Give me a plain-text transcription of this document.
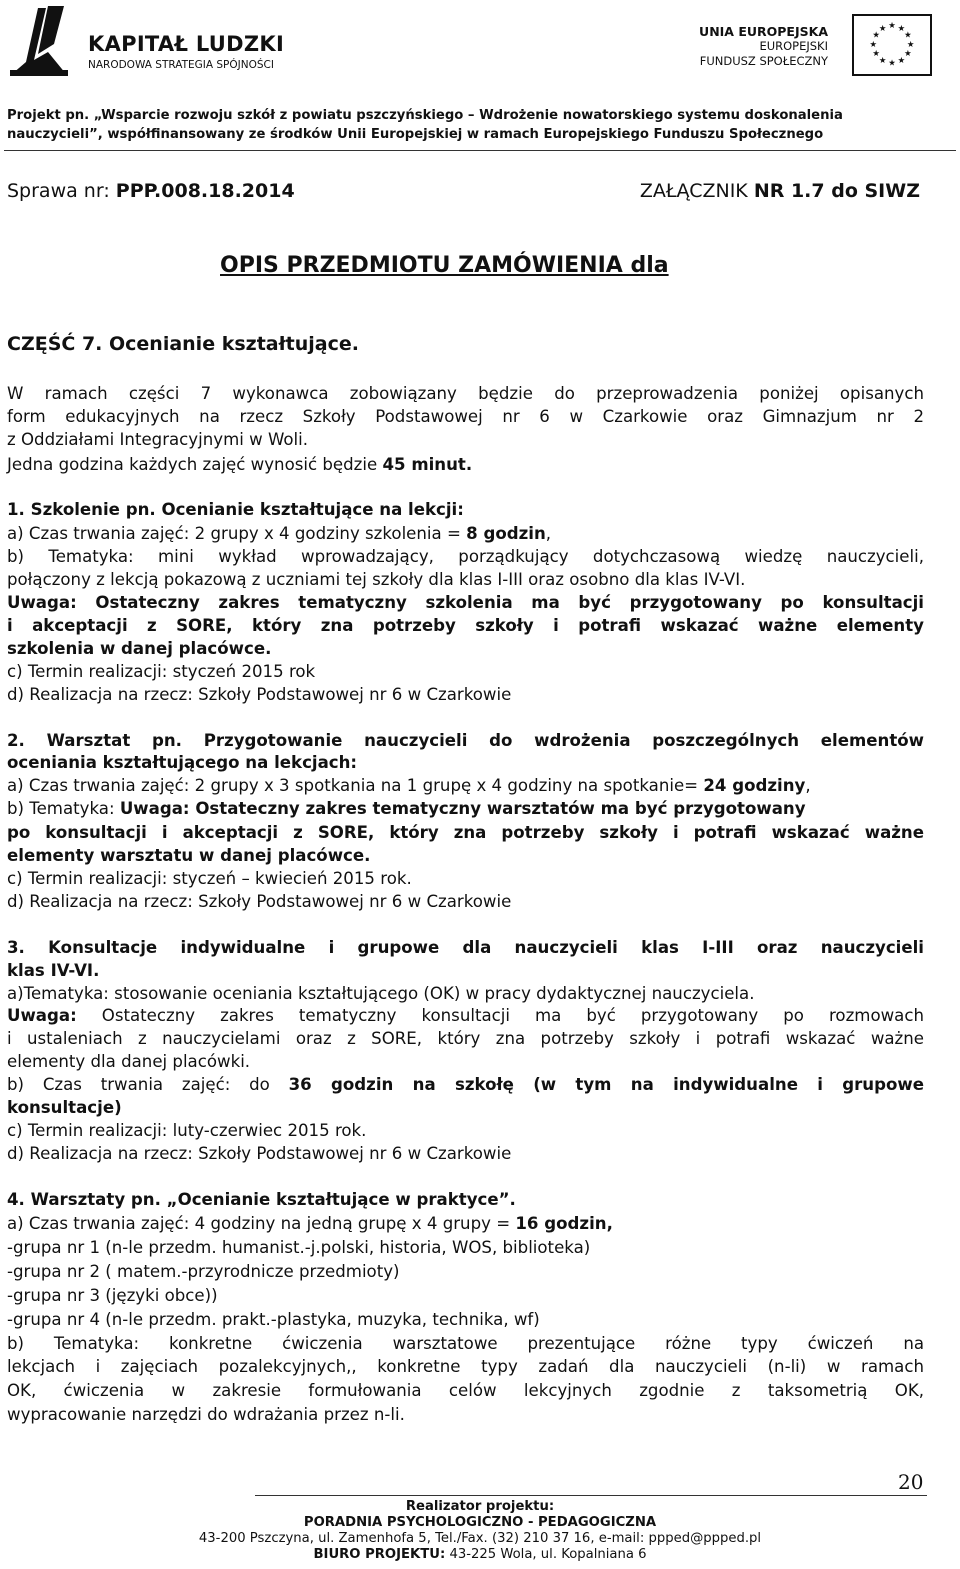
KAPITAŁ LUDZKI
NARODOWA STRATEGIA SPÓJNOŚCI
UNIA EUROPEJSKA
EUROPEJSKI
FUNDUSZ SPOŁECZNY
★ ★
★
★
★
★
★
★
★
★
★
★
Projekt pn. „Wsparcie rozwoju szkół z powiatu pszczyńskiego – Wdrożenie nowatorskiego systemu doskonalenia
nauczycieli”, współfinansowany ze środków Unii Europejskiej w ramach Europejskiego Funduszu Społecznego
Sprawa nr: PPP.008.18.2014	ZAŁĄCZNIK NR 1.7 do SIWZ
OPIS PRZEDMIOTU ZAMÓWIENIA dla
CZĘŚĆ 7. Ocenianie kształtujące.
W ramach części 7 wykonawca zobowiązany będzie do przeprowadzenia poniżej opisanych
form edukacyjnych na rzecz Szkoły Podstawowej nr 6 w Czarkowie oraz Gimnazjum nr 2
z Oddziałami Integracyjnymi w Woli.
Jedna godzina każdych zajęć wynosić będzie 45 minut.
1. Szkolenie pn. Ocenianie kształtujące na lekcji:
a) Czas trwania zajęć: 2 grupy x 4 godziny szkolenia = 8 godzin,
b) Tematyka: mini wykład wprowadzający, porządkujący dotychczasową wiedzę nauczycieli,
połączony z lekcją pokazową z uczniami tej szkoły dla klas I-III oraz osobno dla klas IV-VI.
Uwaga: Ostateczny zakres tematyczny szkolenia ma być przygotowany po konsultacji
i akceptacji z SORE, który zna potrzeby szkoły i potrafi wskazać ważne elementy
szkolenia w danej placówce.
c) Termin realizacji: styczeń 2015 rok
d) Realizacja na rzecz: Szkoły Podstawowej nr 6 w Czarkowie
2. Warsztat pn. Przygotowanie nauczycieli do wdrożenia poszczególnych elementów
oceniania kształtującego na lekcjach:
a) Czas trwania zajęć: 2 grupy x 3 spotkania na 1 grupę x 4 godziny na spotkanie= 24 godziny,
b) Tematyka: Uwaga: Ostateczny zakres tematyczny warsztatów ma być przygotowany
po konsultacji i akceptacji z SORE, który zna potrzeby szkoły i potrafi wskazać ważne
elementy warsztatu w danej placówce.
c) Termin realizacji: styczeń – kwiecień 2015 rok.
d) Realizacja na rzecz: Szkoły Podstawowej nr 6 w Czarkowie
3. Konsultacje indywidualne i grupowe dla nauczycieli klas I-III oraz nauczycieli
klas IV-VI.
a)Tematyka: stosowanie oceniania kształtującego (OK) w pracy dydaktycznej nauczyciela.
Uwaga: Ostateczny zakres tematyczny konsultacji ma być przygotowany po rozmowach
i ustaleniach z nauczycielami oraz z SORE, który zna potrzeby szkoły i potrafi wskazać ważne
elementy dla danej placówki.
b) Czas trwania zajęć: do 36 godzin na szkołę (w tym na indywidualne i grupowe
konsultacje)
c) Termin realizacji: luty-czerwiec 2015 rok.
d) Realizacja na rzecz: Szkoły Podstawowej nr 6 w Czarkowie
4. Warsztaty pn. „Ocenianie kształtujące w praktyce”.
a) Czas trwania zajęć: 4 godziny na jedną grupę x 4 grupy = 16 godzin,
-grupa nr 1 (n-le przedm. humanist.-j.polski, historia, WOS, biblioteka)
-grupa nr 2 ( matem.-przyrodnicze przedmioty)
-grupa nr 3 (języki obce))
-grupa nr 4 (n-le przedm. prakt.-plastyka, muzyka, technika, wf)
b) Tematyka: konkretne ćwiczenia warsztatowe prezentujące różne typy ćwiczeń na
lekcjach i zajęciach pozalekcyjnych,, konkretne typy zadań dla nauczycieli (n-li) w ramach
OK, ćwiczenia w zakresie formułowania celów lekcyjnych zgodnie z taksometrią OK,
wypracowanie narzędzi do wdrażania przez n-li.
20
Realizator projektu:
PORADNIA PSYCHOLOGICZNO - PEDAGOGICZNA
43-200 Pszczyna, ul. Zamenhofa 5, Tel./Fax. (32) 210 37 16, e-mail: ppped@ppped.pl
BIURO PROJEKTU: 43-225 Wola, ul. Kopalniana 6
